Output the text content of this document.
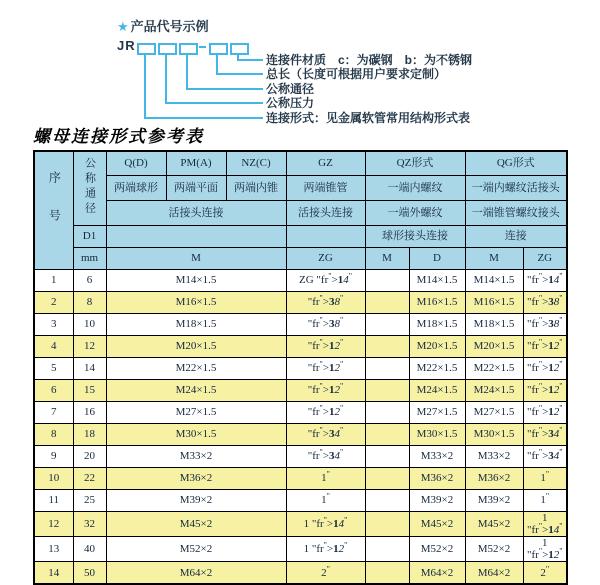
★ 产品代号示例
JR
连接件材质　c：为碳钢　b：为不锈钢
总长（长度可根据用户要求定制）
公称通径
公称压力
连接形式：见金属软管常用结构形式表
螺母连接形式参考表
序号	公称通径	Q(D)	PM(A)	NZ(C)	GZ	QZ形式		QG形式	
		两端球形	两端平面	两端内锥	两端锥管	一端内螺纹		一端内螺纹活接头	
		活接头连接			活接头连接	一端外螺纹		一端锥管螺纹接头	
	D1					球形接头连接		连接	
	mm	M			ZG	M	D	M	ZG
1	6	M14×1.5			ZG "fr">14"		M14×1.5	M14×1.5	"fr">14"
2	8	M16×1.5			"fr">38"		M16×1.5	M16×1.5	"fr">38"
3	10	M18×1.5			"fr">38"		M18×1.5	M18×1.5	"fr">38"
4	12	M20×1.5			"fr">12"		M20×1.5	M20×1.5	"fr">12"
5	14	M22×1.5			"fr">12"		M22×1.5	M22×1.5	"fr">12"
6	15	M24×1.5			"fr">12"		M24×1.5	M24×1.5	"fr">12"
7	16	M27×1.5			"fr">12"		M27×1.5	M27×1.5	"fr">12"
8	18	M30×1.5			"fr">34"		M30×1.5	M30×1.5	"fr">34"
9	20	M33×2			"fr">34"		M33×2	M33×2	"fr">34"
10	22	M36×2			1"		M36×2	M36×2	1"
11	25	M39×2			1"		M39×2	M39×2	1"
12	32	M45×2			1 "fr">14"		M45×2	M45×2	1 "fr">14"
13	40	M52×2			1 "fr">12"		M52×2	M52×2	1 "fr">12"
14	50	M64×2			2"		M64×2	M64×2	2"
